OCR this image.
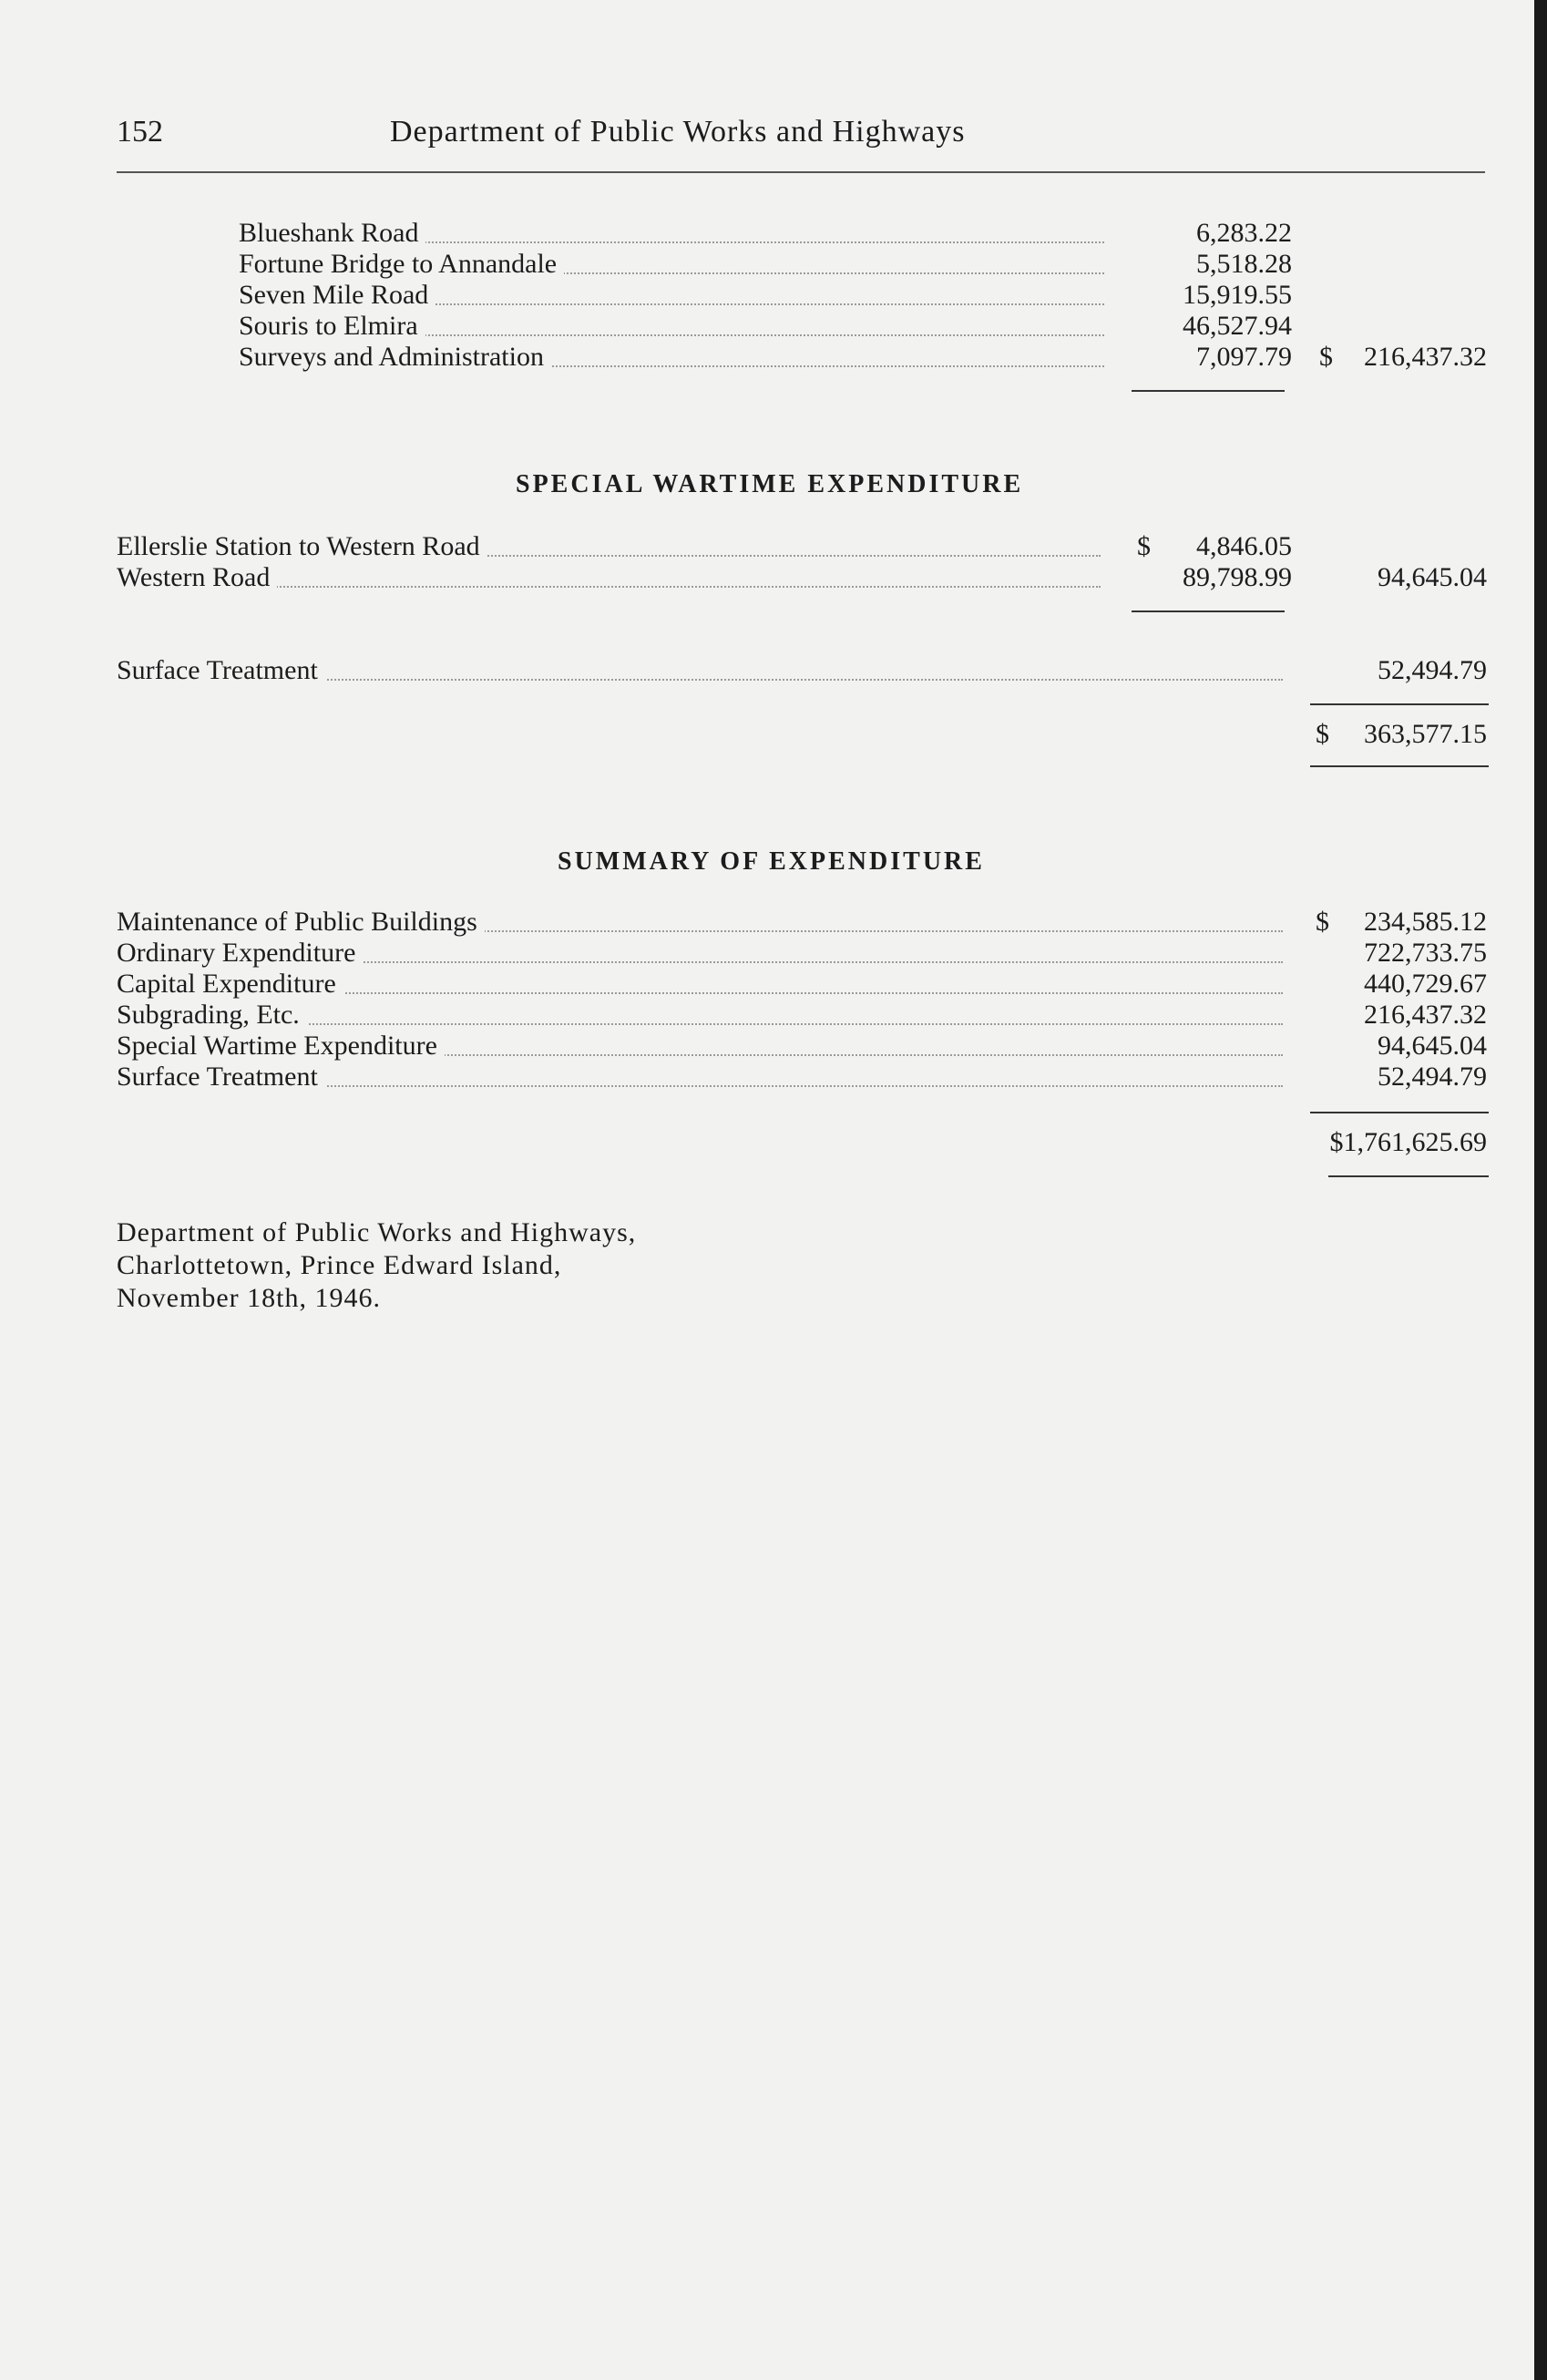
152	Department of Public Works and Highways
Blueshank Road	6,283.22
Fortune Bridge to Annandale	5,518.28
Seven Mile Road	15,919.55
Souris to Elmira	46,527.94
Surveys and Administration	7,097.79 $	216,437.32
SPECIAL WARTIME EXPENDITURE
Ellerslie Station to Western Road	$	4,846.05
Western Road	89,798.99	94,645.04
Surface Treatment	52,494.79
$	363,577.15
SUMMARY OF EXPENDITURE
Maintenance of Public Buildings	$	234,585.12
Ordinary Expenditure	722,733.75
Capital Expenditure	440,729.67
Subgrading, Etc.	216,437.32
Special Wartime Expenditure	94,645.04
Surface Treatment	52,494.79
$1,761,625.69
Department of Public Works and Highways,
Charlottetown, Prince Edward Island,
November 18th, 1946.
